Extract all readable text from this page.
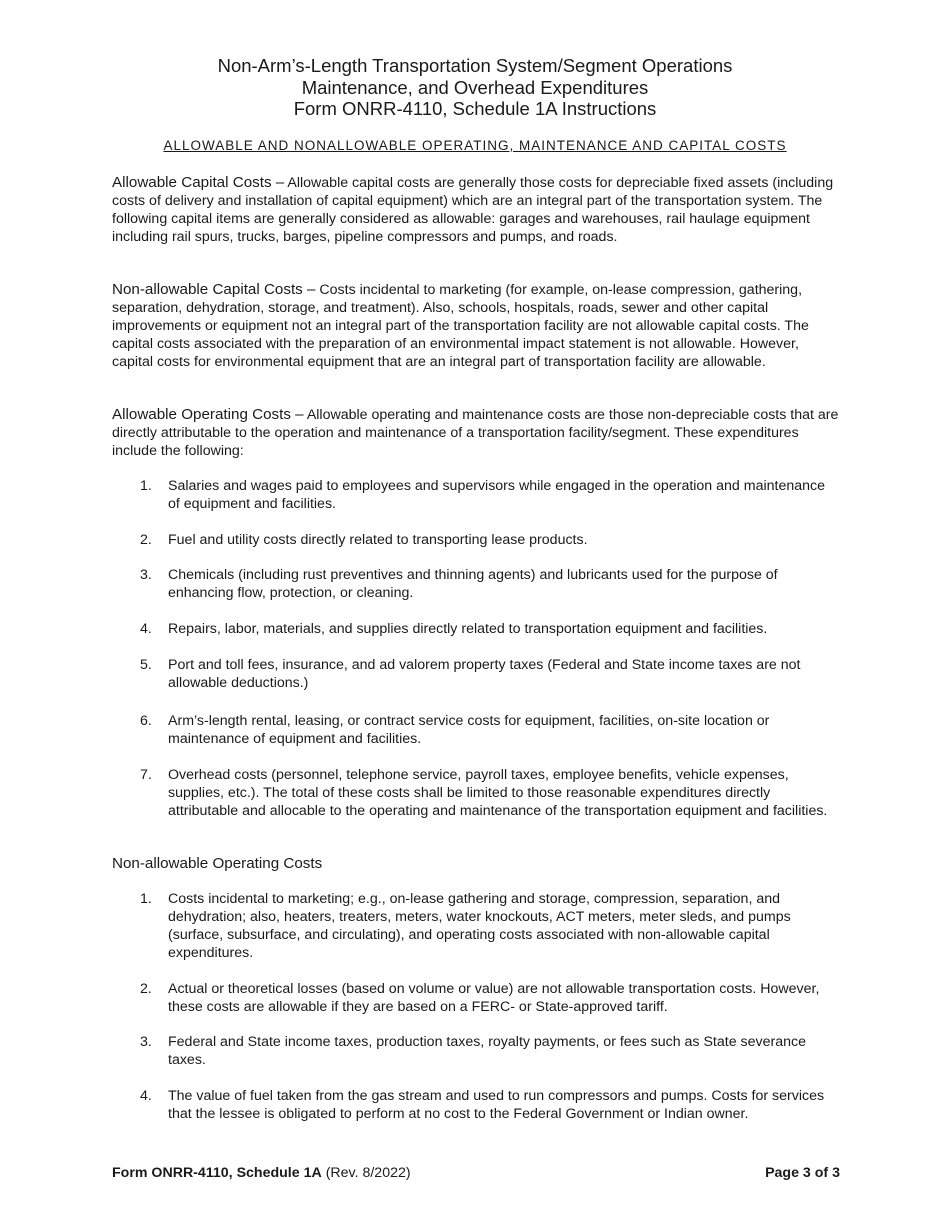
Non-Arm’s-Length Transportation System/Segment Operations
Maintenance, and Overhead Expenditures
Form ONRR-4110, Schedule 1A Instructions
ALLOWABLE AND NONALLOWABLE OPERATING, MAINTENANCE AND CAPITAL COSTS

Allowable Capital Costs – Allowable capital costs are generally those costs for depreciable fixed assets (including costs of delivery and installation of capital equipment) which are an integral part of the transportation system. The following capital items are generally considered as allowable: garages and warehouses, rail haulage equipment including rail spurs, trucks, barges, pipeline compressors and pumps, and roads.

Non-allowable Capital Costs – Costs incidental to marketing (for example, on-lease compression, gathering, separation, dehydration, storage, and treatment). Also, schools, hospitals, roads, sewer and other capital improvements or equipment not an integral part of the transportation facility are not allowable capital costs. The capital costs associated with the preparation of an environmental impact statement is not allowable. However, capital costs for environmental equipment that are an integral part of transportation facility are allowable.

Allowable Operating Costs – Allowable operating and maintenance costs are those non-depreciable costs that are directly attributable to the operation and maintenance of a transportation facility/segment. These expenditures include the following:

1. Salaries and wages paid to employees and supervisors while engaged in the operation and maintenance of equipment and facilities.
2. Fuel and utility costs directly related to transporting lease products.
3. Chemicals (including rust preventives and thinning agents) and lubricants used for the purpose of enhancing flow, protection, or cleaning.
4. Repairs, labor, materials, and supplies directly related to transportation equipment and facilities.
5. Port and toll fees, insurance, and ad valorem property taxes (Federal and State income taxes are not allowable deductions.)
6. Arm’s-length rental, leasing, or contract service costs for equipment, facilities, on-site location or maintenance of equipment and facilities.
7. Overhead costs (personnel, telephone service, payroll taxes, employee benefits, vehicle expenses, supplies, etc.). The total of these costs shall be limited to those reasonable expenditures directly attributable and allocable to the operating and maintenance of the transportation equipment and facilities.

Non-allowable Operating Costs

1. Costs incidental to marketing; e.g., on-lease gathering and storage, compression, separation, and dehydration; also, heaters, treaters, meters, water knockouts, ACT meters, meter sleds, and pumps (surface, subsurface, and circulating), and operating costs associated with non-allowable capital expenditures.
2. Actual or theoretical losses (based on volume or value) are not allowable transportation costs. However, these costs are allowable if they are based on a FERC- or State-approved tariff.
3. Federal and State income taxes, production taxes, royalty payments, or fees such as State severance taxes.
4. The value of fuel taken from the gas stream and used to run compressors and pumps. Costs for services that the lessee is obligated to perform at no cost to the Federal Government or Indian owner.
Form ONRR-4110, Schedule 1A (Rev. 8/2022)	Page 3 of 3
